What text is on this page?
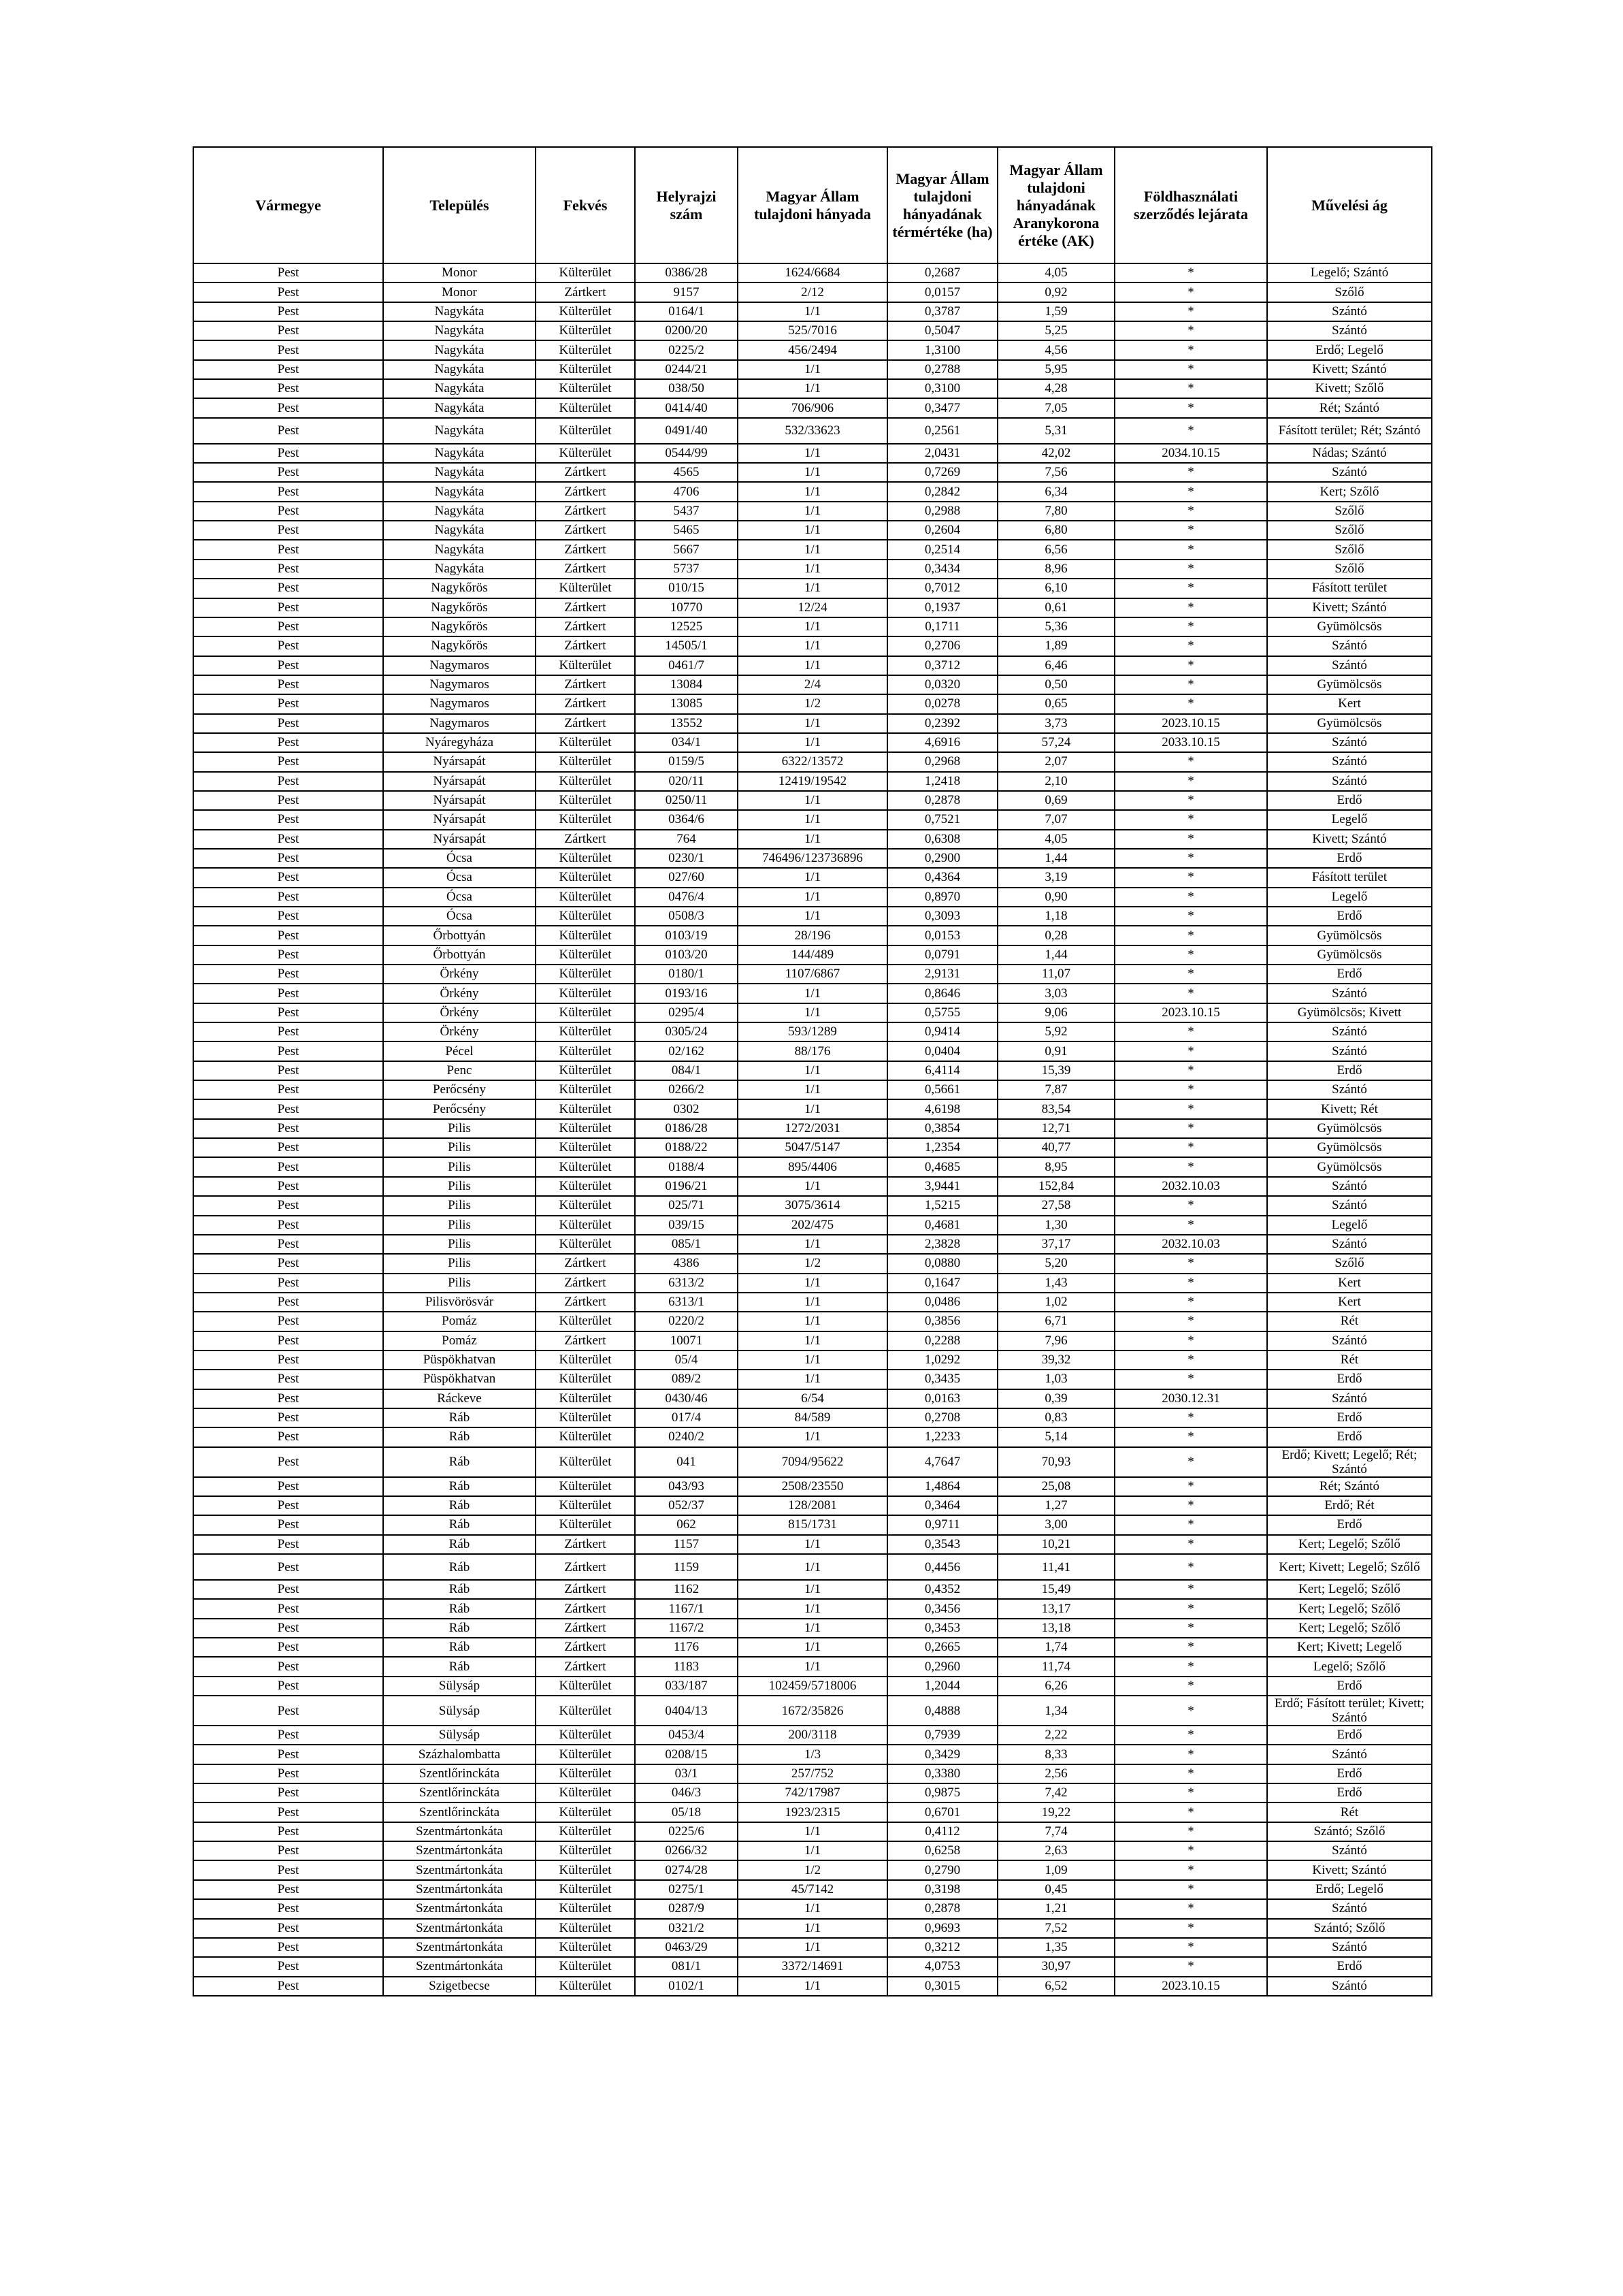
Vármegye	Település	Fekvés	Helyrajzi szám	Magyar Állam tulajdoni hányada	Magyar Állam tulajdoni hányadának térmértéke (ha)	Magyar Állam tulajdoni hányadának Aranykorona értéke (AK)	Földhasználati szerződés lejárata	Művelési ág
Pest	Monor	Külterület	0386/28	1624/6684	0,2687	4,05	*	Legelő; Szántó
Pest	Monor	Zártkert	9157	2/12	0,0157	0,92	*	Szőlő
Pest	Nagykáta	Külterület	0164/1	1/1	0,3787	1,59	*	Szántó
Pest	Nagykáta	Külterület	0200/20	525/7016	0,5047	5,25	*	Szántó
Pest	Nagykáta	Külterület	0225/2	456/2494	1,3100	4,56	*	Erdő; Legelő
Pest	Nagykáta	Külterület	0244/21	1/1	0,2788	5,95	*	Kivett; Szántó
Pest	Nagykáta	Külterület	038/50	1/1	0,3100	4,28	*	Kivett; Szőlő
Pest	Nagykáta	Külterület	0414/40	706/906	0,3477	7,05	*	Rét; Szántó
Pest	Nagykáta	Külterület	0491/40	532/33623	0,2561	5,31	*	Fásított terület; Rét; Szántó
Pest	Nagykáta	Külterület	0544/99	1/1	2,0431	42,02	2034.10.15	Nádas; Szántó
Pest	Nagykáta	Zártkert	4565	1/1	0,7269	7,56	*	Szántó
Pest	Nagykáta	Zártkert	4706	1/1	0,2842	6,34	*	Kert; Szőlő
Pest	Nagykáta	Zártkert	5437	1/1	0,2988	7,80	*	Szőlő
Pest	Nagykáta	Zártkert	5465	1/1	0,2604	6,80	*	Szőlő
Pest	Nagykáta	Zártkert	5667	1/1	0,2514	6,56	*	Szőlő
Pest	Nagykáta	Zártkert	5737	1/1	0,3434	8,96	*	Szőlő
Pest	Nagykőrös	Külterület	010/15	1/1	0,7012	6,10	*	Fásított terület
Pest	Nagykőrös	Zártkert	10770	12/24	0,1937	0,61	*	Kivett; Szántó
Pest	Nagykőrös	Zártkert	12525	1/1	0,1711	5,36	*	Gyümölcsös
Pest	Nagykőrös	Zártkert	14505/1	1/1	0,2706	1,89	*	Szántó
Pest	Nagymaros	Külterület	0461/7	1/1	0,3712	6,46	*	Szántó
Pest	Nagymaros	Zártkert	13084	2/4	0,0320	0,50	*	Gyümölcsös
Pest	Nagymaros	Zártkert	13085	1/2	0,0278	0,65	*	Kert
Pest	Nagymaros	Zártkert	13552	1/1	0,2392	3,73	2023.10.15	Gyümölcsös
Pest	Nyáregyháza	Külterület	034/1	1/1	4,6916	57,24	2033.10.15	Szántó
Pest	Nyársapát	Külterület	0159/5	6322/13572	0,2968	2,07	*	Szántó
Pest	Nyársapát	Külterület	020/11	12419/19542	1,2418	2,10	*	Szántó
Pest	Nyársapát	Külterület	0250/11	1/1	0,2878	0,69	*	Erdő
Pest	Nyársapát	Külterület	0364/6	1/1	0,7521	7,07	*	Legelő
Pest	Nyársapát	Zártkert	764	1/1	0,6308	4,05	*	Kivett; Szántó
Pest	Ócsa	Külterület	0230/1	746496/123736896	0,2900	1,44	*	Erdő
Pest	Ócsa	Külterület	027/60	1/1	0,4364	3,19	*	Fásított terület
Pest	Ócsa	Külterület	0476/4	1/1	0,8970	0,90	*	Legelő
Pest	Ócsa	Külterület	0508/3	1/1	0,3093	1,18	*	Erdő
Pest	Őrbottyán	Külterület	0103/19	28/196	0,0153	0,28	*	Gyümölcsös
Pest	Őrbottyán	Külterület	0103/20	144/489	0,0791	1,44	*	Gyümölcsös
Pest	Örkény	Külterület	0180/1	1107/6867	2,9131	11,07	*	Erdő
Pest	Örkény	Külterület	0193/16	1/1	0,8646	3,03	*	Szántó
Pest	Örkény	Külterület	0295/4	1/1	0,5755	9,06	2023.10.15	Gyümölcsös; Kivett
Pest	Örkény	Külterület	0305/24	593/1289	0,9414	5,92	*	Szántó
Pest	Pécel	Külterület	02/162	88/176	0,0404	0,91	*	Szántó
Pest	Penc	Külterület	084/1	1/1	6,4114	15,39	*	Erdő
Pest	Perőcsény	Külterület	0266/2	1/1	0,5661	7,87	*	Szántó
Pest	Perőcsény	Külterület	0302	1/1	4,6198	83,54	*	Kivett; Rét
Pest	Pilis	Külterület	0186/28	1272/2031	0,3854	12,71	*	Gyümölcsös
Pest	Pilis	Külterület	0188/22	5047/5147	1,2354	40,77	*	Gyümölcsös
Pest	Pilis	Külterület	0188/4	895/4406	0,4685	8,95	*	Gyümölcsös
Pest	Pilis	Külterület	0196/21	1/1	3,9441	152,84	2032.10.03	Szántó
Pest	Pilis	Külterület	025/71	3075/3614	1,5215	27,58	*	Szántó
Pest	Pilis	Külterület	039/15	202/475	0,4681	1,30	*	Legelő
Pest	Pilis	Külterület	085/1	1/1	2,3828	37,17	2032.10.03	Szántó
Pest	Pilis	Zártkert	4386	1/2	0,0880	5,20	*	Szőlő
Pest	Pilis	Zártkert	6313/2	1/1	0,1647	1,43	*	Kert
Pest	Pilisvörösvár	Zártkert	6313/1	1/1	0,0486	1,02	*	Kert
Pest	Pomáz	Külterület	0220/2	1/1	0,3856	6,71	*	Rét
Pest	Pomáz	Zártkert	10071	1/1	0,2288	7,96	*	Szántó
Pest	Püspökhatvan	Külterület	05/4	1/1	1,0292	39,32	*	Rét
Pest	Püspökhatvan	Külterület	089/2	1/1	0,3435	1,03	*	Erdő
Pest	Ráckeve	Külterület	0430/46	6/54	0,0163	0,39	2030.12.31	Szántó
Pest	Ráb	Külterület	017/4	84/589	0,2708	0,83	*	Erdő
Pest	Ráb	Külterület	0240/2	1/1	1,2233	5,14	*	Erdő
Pest	Ráb	Külterület	041	7094/95622	4,7647	70,93	*	Erdő; Kivett; Legelő; Rét; Szántó
Pest	Ráb	Külterület	043/93	2508/23550	1,4864	25,08	*	Rét; Szántó
Pest	Ráb	Külterület	052/37	128/2081	0,3464	1,27	*	Erdő; Rét
Pest	Ráb	Külterület	062	815/1731	0,9711	3,00	*	Erdő
Pest	Ráb	Zártkert	1157	1/1	0,3543	10,21	*	Kert; Legelő; Szőlő
Pest	Ráb	Zártkert	1159	1/1	0,4456	11,41	*	Kert; Kivett; Legelő; Szőlő
Pest	Ráb	Zártkert	1162	1/1	0,4352	15,49	*	Kert; Legelő; Szőlő
Pest	Ráb	Zártkert	1167/1	1/1	0,3456	13,17	*	Kert; Legelő; Szőlő
Pest	Ráb	Zártkert	1167/2	1/1	0,3453	13,18	*	Kert; Legelő; Szőlő
Pest	Ráb	Zártkert	1176	1/1	0,2665	1,74	*	Kert; Kivett; Legelő
Pest	Ráb	Zártkert	1183	1/1	0,2960	11,74	*	Legelő; Szőlő
Pest	Sülysáp	Külterület	033/187	102459/5718006	1,2044	6,26	*	Erdő
Pest	Sülysáp	Külterület	0404/13	1672/35826	0,4888	1,34	*	Erdő; Fásított terület; Kivett; Szántó
Pest	Sülysáp	Külterület	0453/4	200/3118	0,7939	2,22	*	Erdő
Pest	Százhalombatta	Külterület	0208/15	1/3	0,3429	8,33	*	Szántó
Pest	Szentlőrinckáta	Külterület	03/1	257/752	0,3380	2,56	*	Erdő
Pest	Szentlőrinckáta	Külterület	046/3	742/17987	0,9875	7,42	*	Erdő
Pest	Szentlőrinckáta	Külterület	05/18	1923/2315	0,6701	19,22	*	Rét
Pest	Szentmártonkáta	Külterület	0225/6	1/1	0,4112	7,74	*	Szántó; Szőlő
Pest	Szentmártonkáta	Külterület	0266/32	1/1	0,6258	2,63	*	Szántó
Pest	Szentmártonkáta	Külterület	0274/28	1/2	0,2790	1,09	*	Kivett; Szántó
Pest	Szentmártonkáta	Külterület	0275/1	45/7142	0,3198	0,45	*	Erdő; Legelő
Pest	Szentmártonkáta	Külterület	0287/9	1/1	0,2878	1,21	*	Szántó
Pest	Szentmártonkáta	Külterület	0321/2	1/1	0,9693	7,52	*	Szántó; Szőlő
Pest	Szentmártonkáta	Külterület	0463/29	1/1	0,3212	1,35	*	Szántó
Pest	Szentmártonkáta	Külterület	081/1	3372/14691	4,0753	30,97	*	Erdő
Pest	Szigetbecse	Külterület	0102/1	1/1	0,3015	6,52	2023.10.15	Szántó
